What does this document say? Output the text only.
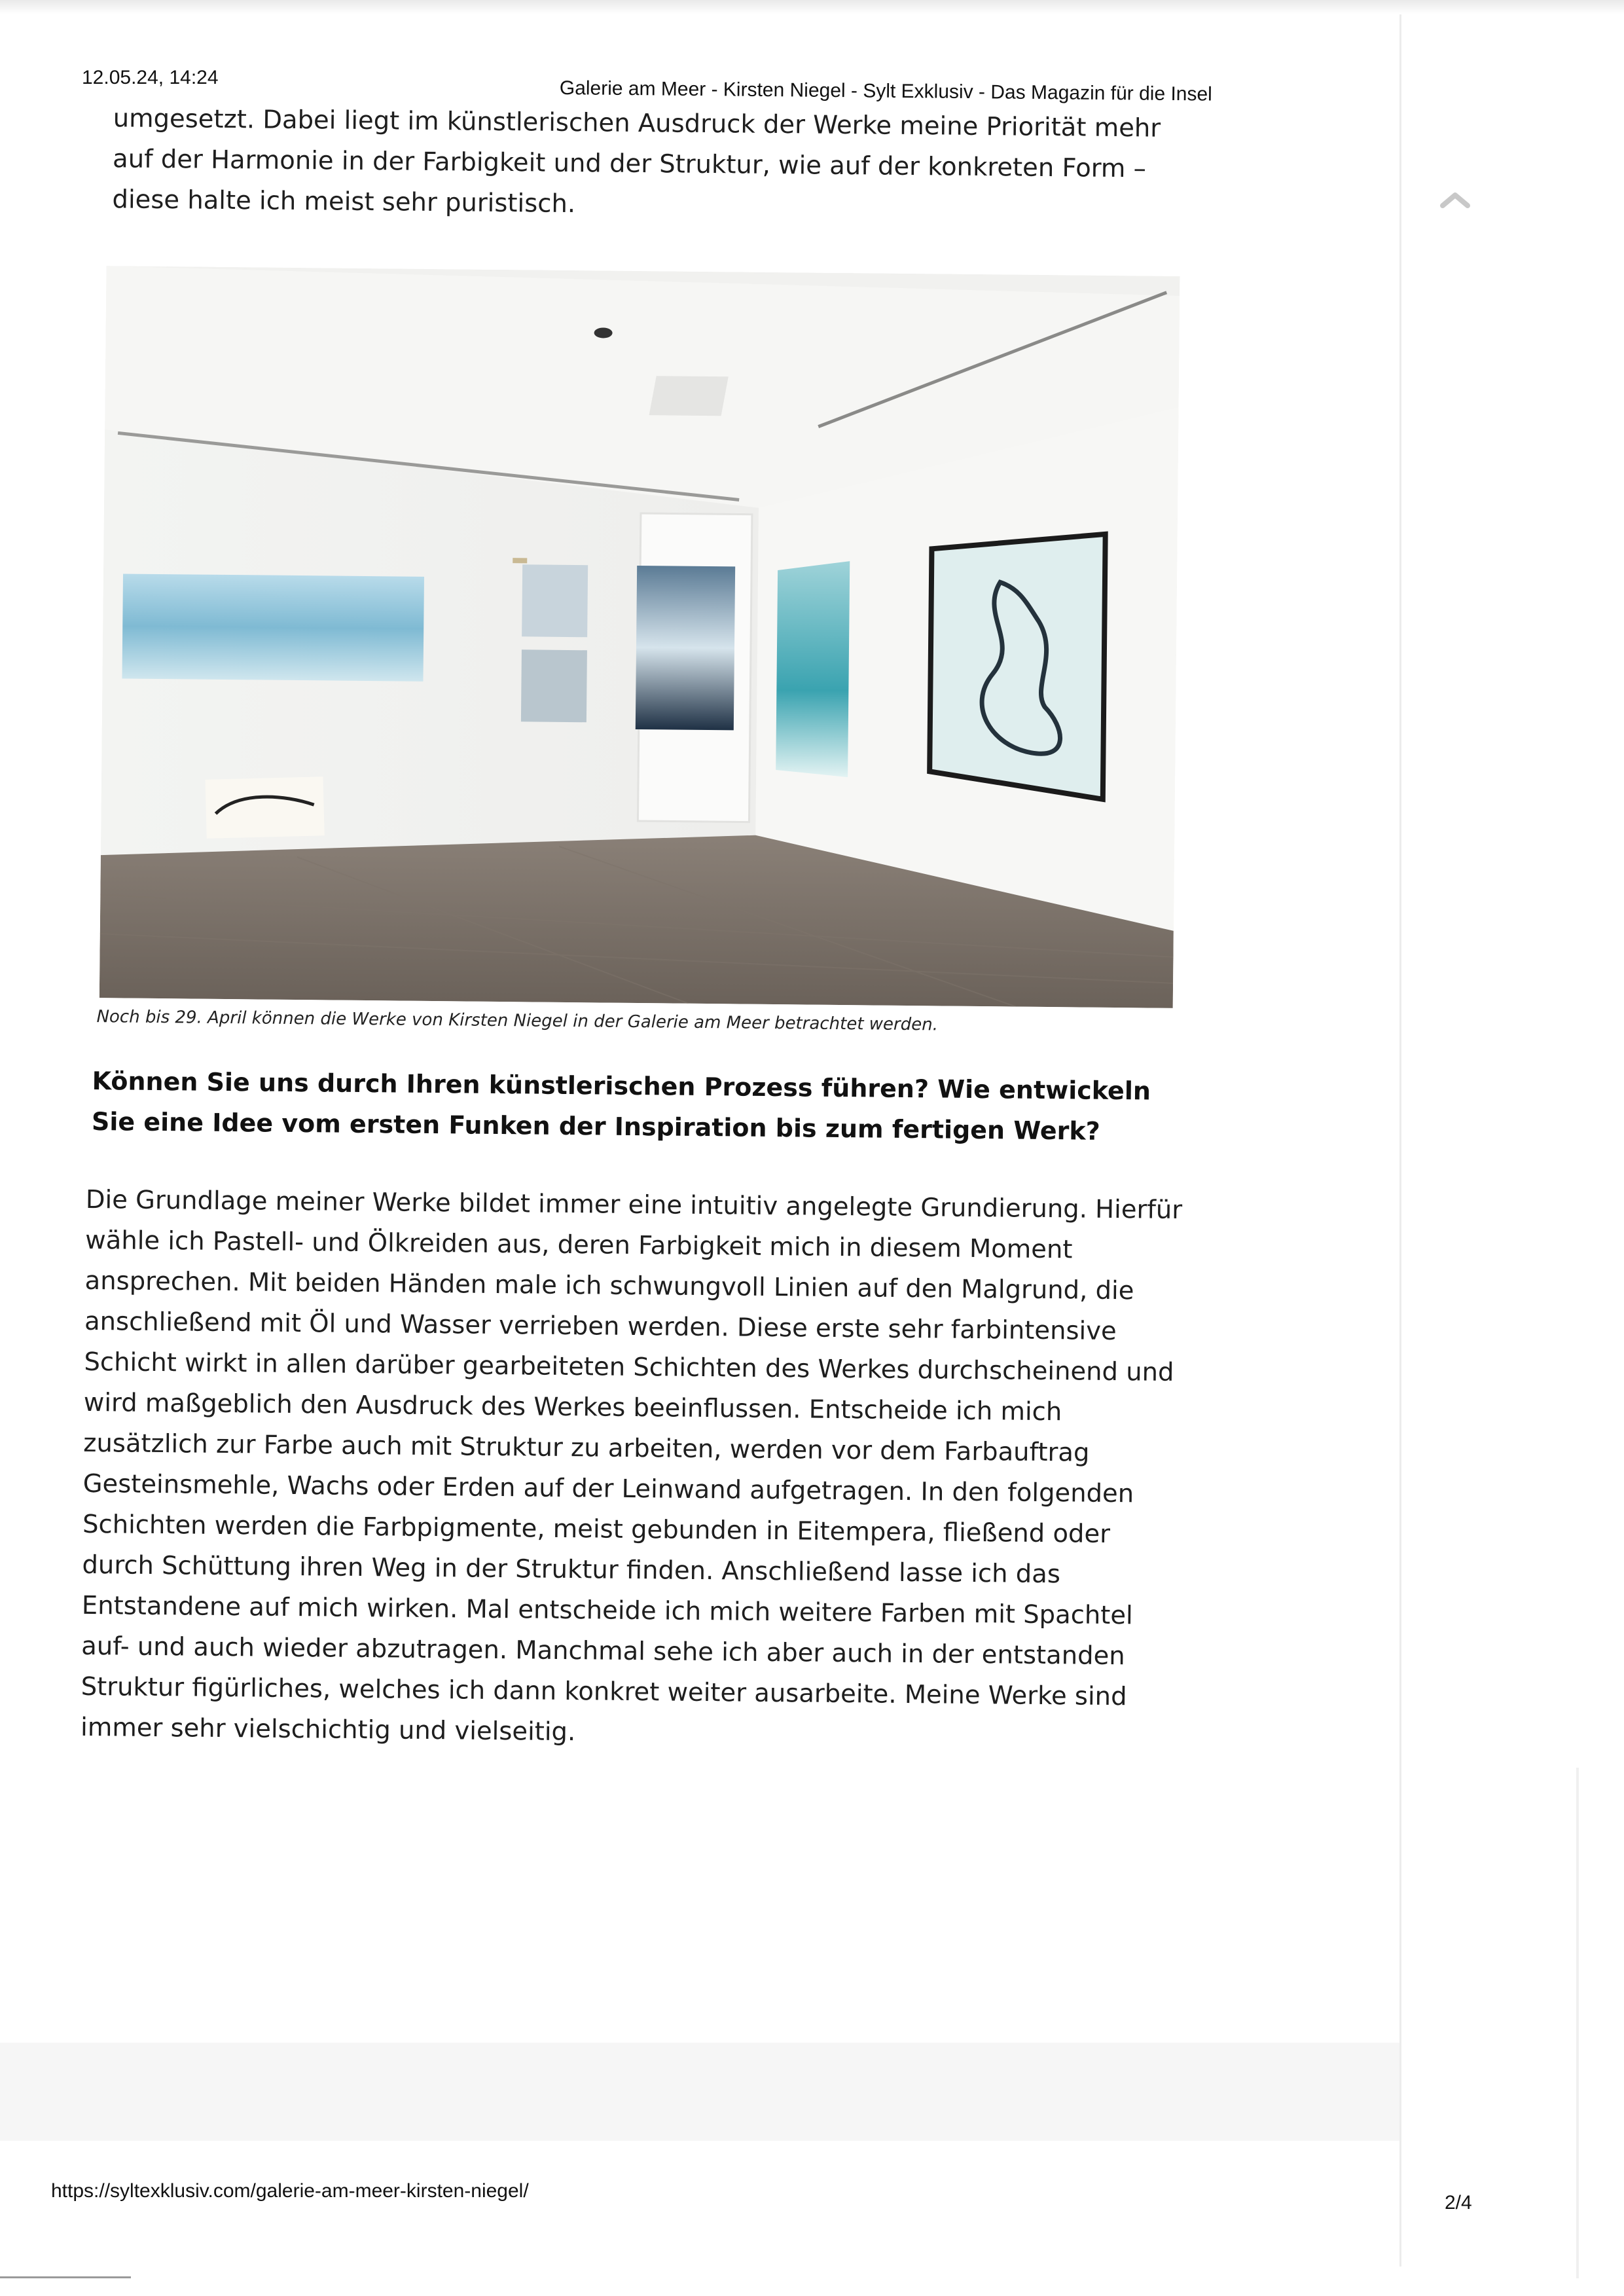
12.05.24, 14:24	Galerie am Meer - Kirsten Niegel - Sylt Exklusiv - Das Magazin für die Insel

umgesetzt. Dabei liegt im künstlerischen Ausdruck der Werke meine Priorität mehr auf der Harmonie in der Farbigkeit und der Struktur, wie auf der konkreten Form – diese halte ich meist sehr puristisch.

Noch bis 29. April können die Werke von Kirsten Niegel in der Galerie am Meer betrachtet werden.

Können Sie uns durch Ihren künstlerischen Prozess führen? Wie entwickeln Sie eine Idee vom ersten Funken der Inspiration bis zum fertigen Werk?

Die Grundlage meiner Werke bildet immer eine intuitiv angelegte Grundierung. Hierfür wähle ich Pastell- und Ölkreiden aus, deren Farbigkeit mich in diesem Moment ansprechen. Mit beiden Händen male ich schwungvoll Linien auf den Malgrund, die anschließend mit Öl und Wasser verrieben werden. Diese erste sehr farbintensive Schicht wirkt in allen darüber gearbeiteten Schichten des Werkes durchscheinend und wird maßgeblich den Ausdruck des Werkes beeinflussen. Entscheide ich mich zusätzlich zur Farbe auch mit Struktur zu arbeiten, werden vor dem Farbauftrag Gesteinsmehle, Wachs oder Erden auf der Leinwand aufgetragen. In den folgenden Schichten werden die Farbpigmente, meist gebunden in Eitempera, fließend oder durch Schüttung ihren Weg in der Struktur finden. Anschließend lasse ich das Entstandene auf mich wirken. Mal entscheide ich mich weitere Farben mit Spachtel auf- und auch wieder abzutragen. Manchmal sehe ich aber auch in der entstanden Struktur figürliches, welches ich dann konkret weiter ausarbeite. Meine Werke sind immer sehr vielschichtig und vielseitig.

https://syltexklusiv.com/galerie-am-meer-kirsten-niegel/
2/4
